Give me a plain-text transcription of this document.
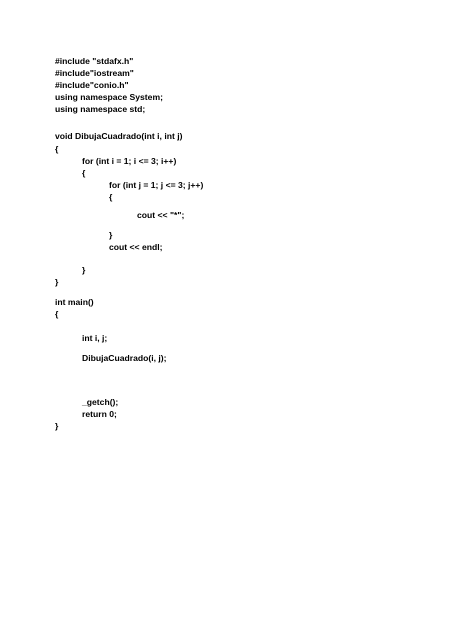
#include "stdafx.h"
#include"iostream"
#include"conio.h"
using namespace System;
using namespace std;
void DibujaCuadrado(int i, int j)
{
for (int i = 1; i <= 3; i++)
{
for (int j = 1; j <= 3; j++)
{
cout << "*";
}
cout << endl;
}
}
int main()
{
int i, j;
DibujaCuadrado(i, j);
_getch();
return 0;
}
